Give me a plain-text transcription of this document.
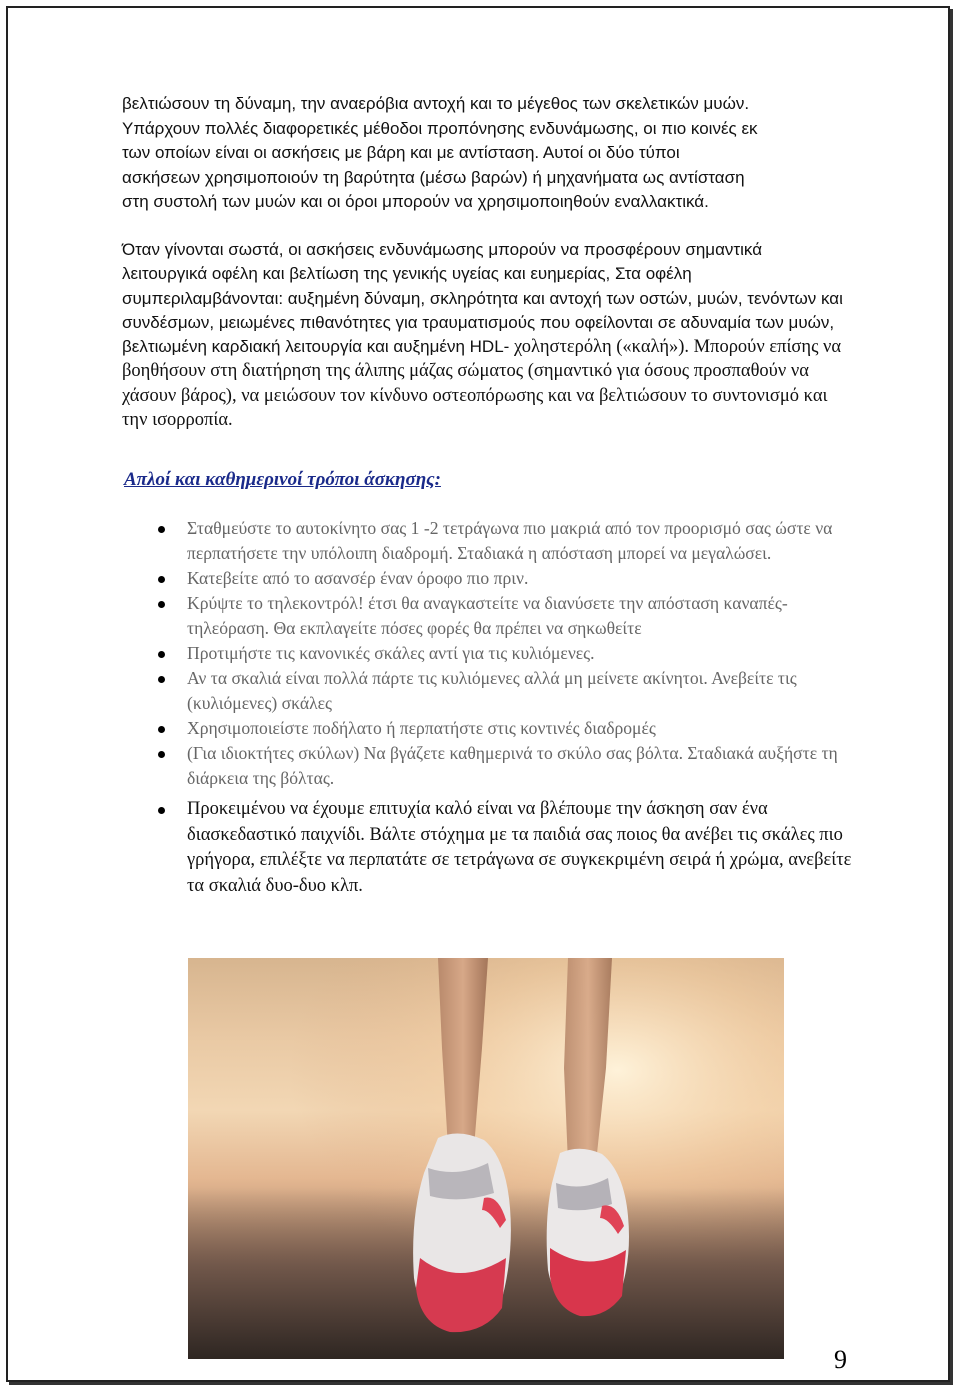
βελτιώσουν τη δύναμη, την αναερόβια αντοχή και το μέγεθος των σκελετικών μυών.
Υπάρχουν πολλές διαφορετικές μέθοδοι προπόνησης ενδυνάμωσης, οι πιο κοινές εκ
των οποίων είναι οι ασκήσεις με βάρη και με αντίσταση. Αυτοί οι δύο τύποι
ασκήσεων χρησιμοποιούν τη βαρύτητα (μέσω βαρών) ή μηχανήματα ως αντίσταση
στη συστολή των μυών και οι όροι μπορούν να χρησιμοποιηθούν εναλλακτικά.
Όταν γίνονται σωστά, οι ασκήσεις ενδυνάμωσης μπορούν να προσφέρουν σημαντικά λειτουργικά οφέλη και βελτίωση της γενικής υγείας και ευημερίας, Στα οφέλη συμπεριλαμβάνονται: αυξημένη δύναμη, σκληρότητα και αντοχή των οστών, μυών, τενόντων και συνδέσμων, μειωμένες πιθανότητες για τραυματισμούς που οφείλονται σε αδυναμία των μυών, βελτιωμένη καρδιακή λειτουργία και αυξημένη HDL- χοληστερόλη («καλή»). Μπορούν επίσης να βοηθήσουν στη διατήρηση της άλιπης μάζας σώματος (σημαντικό για όσους προσπαθούν να χάσουν βάρος), να μειώσουν τον κίνδυνο οστεοπόρωσης και να βελτιώσουν το συντονισμό και την ισορροπία.
Απλοί και καθημερινοί τρόποι άσκησης:
Σταθμεύστε το αυτοκίνητο σας 1 -2 τετράγωνα πιο μακριά από τον προορισμό σας ώστε να περπατήσετε την υπόλοιπη διαδρομή. Σταδιακά η απόσταση μπορεί να μεγαλώσει.
Κατεβείτε από το ασανσέρ έναν όροφο πιο πριν.
Κρύψτε το τηλεκοντρόλ! έτσι θα αναγκαστείτε να διανύσετε την απόσταση καναπές-τηλεόραση. Θα εκπλαγείτε πόσες φορές θα πρέπει να σηκωθείτε
Προτιμήστε τις κανονικές σκάλες αντί για τις κυλιόμενες.
Αν τα σκαλιά είναι πολλά πάρτε τις κυλιόμενες αλλά μη μείνετε ακίνητοι. Ανεβείτε τις (κυλιόμενες) σκάλες
Χρησιμοποιείστε ποδήλατο ή περπατήστε στις κοντινές διαδρομές
(Για ιδιοκτήτες σκύλων) Να βγάζετε καθημερινά το σκύλο σας βόλτα. Σταδιακά αυξήστε τη διάρκεια της βόλτας.
Προκειμένου να έχουμε επιτυχία καλό είναι να βλέπουμε την άσκηση σαν ένα διασκεδαστικό παιχνίδι. Βάλτε στόχημα με τα παιδιά σας ποιος θα ανέβει τις σκάλες πιο γρήγορα, επιλέξτε να περπατάτε σε τετράγωνα σε συγκεκριμένη σειρά ή χρώμα, ανεβείτε τα σκαλιά δυο-δυο κλπ.
9
